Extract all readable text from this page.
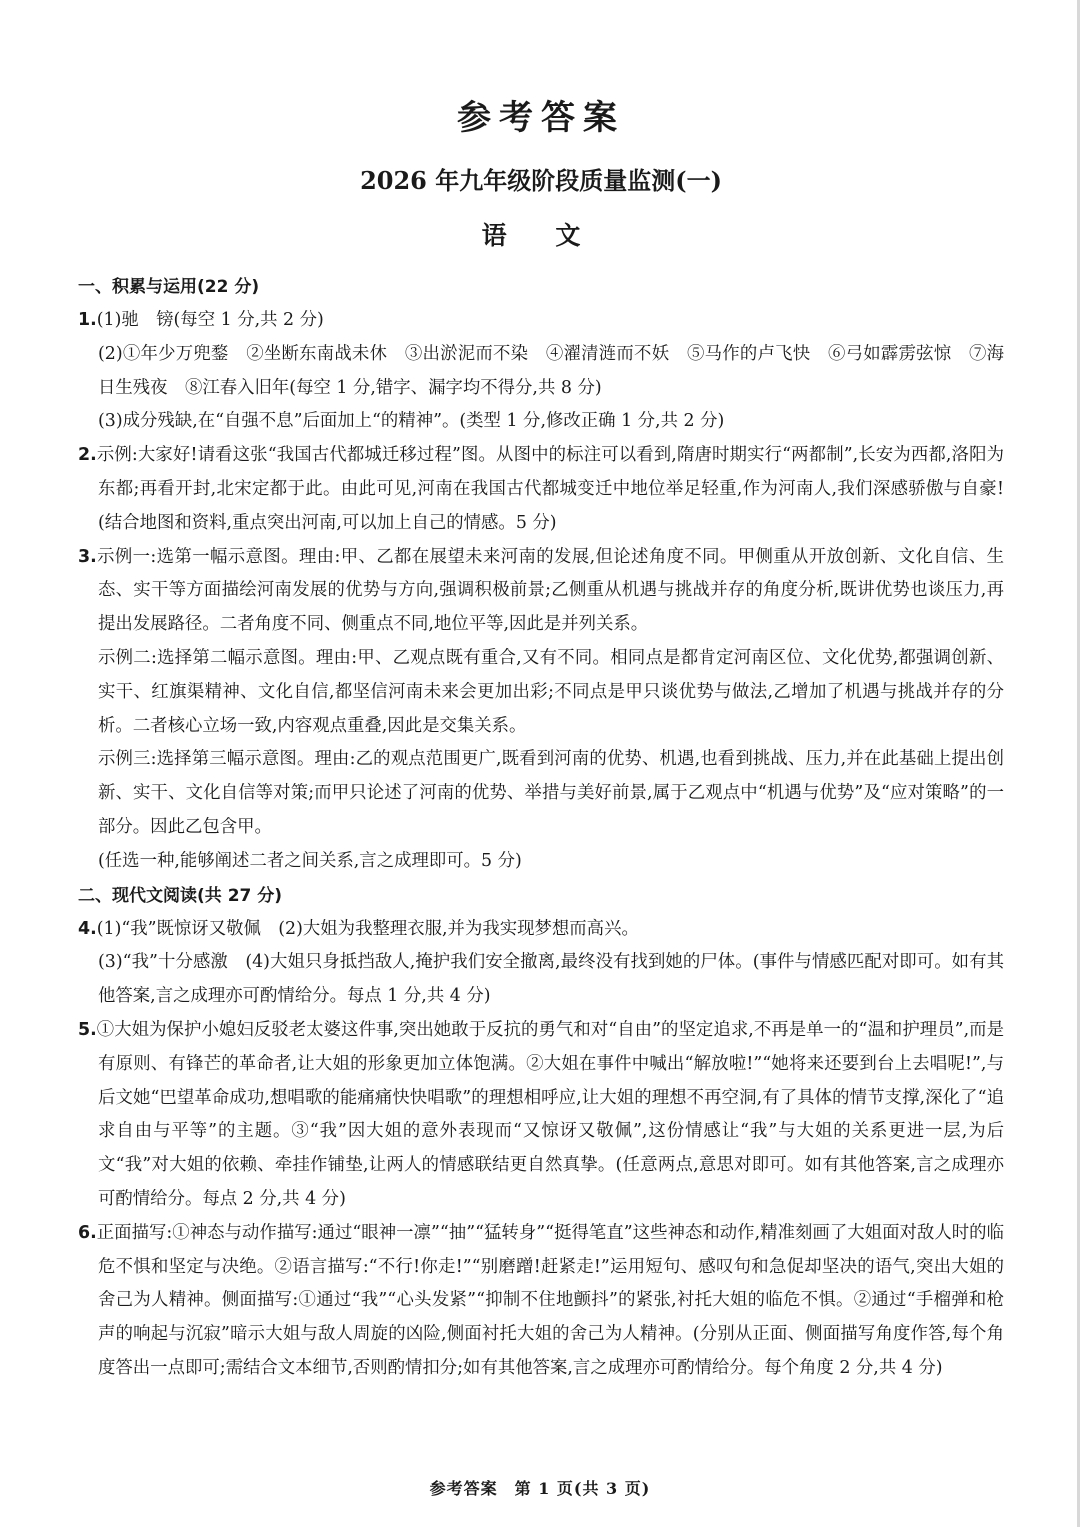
参考答案
2026 年九年级阶段质量监测(一)
语 文
一、积累与运用(22 分)
1.(1)驰　镑(每空 1 分,共 2 分)
(2)①年少万兜鍪　②坐断东南战未休　③出淤泥而不染　④濯清涟而不妖　⑤马作的卢飞快　⑥弓如霹雳弦惊　⑦海日生残夜　⑧江春入旧年(每空 1 分,错字、漏字均不得分,共 8 分)
(3)成分残缺,在“自强不息”后面加上“的精神”。(类型 1 分,修改正确 1 分,共 2 分)
2.示例:大家好!请看这张“我国古代都城迁移过程”图。从图中的标注可以看到,隋唐时期实行“两都制”,长安为西都,洛阳为东都;再看开封,北宋定都于此。由此可见,河南在我国古代都城变迁中地位举足轻重,作为河南人,我们深感骄傲与自豪!(结合地图和资料,重点突出河南,可以加上自己的情感。5 分)
3.示例一:选第一幅示意图。理由:甲、乙都在展望未来河南的发展,但论述角度不同。甲侧重从开放创新、文化自信、生态、实干等方面描绘河南发展的优势与方向,强调积极前景;乙侧重从机遇与挑战并存的角度分析,既讲优势也谈压力,再提出发展路径。二者角度不同、侧重点不同,地位平等,因此是并列关系。
示例二:选择第二幅示意图。理由:甲、乙观点既有重合,又有不同。相同点是都肯定河南区位、文化优势,都强调创新、实干、红旗渠精神、文化自信,都坚信河南未来会更加出彩;不同点是甲只谈优势与做法,乙增加了机遇与挑战并存的分析。二者核心立场一致,内容观点重叠,因此是交集关系。
示例三:选择第三幅示意图。理由:乙的观点范围更广,既看到河南的优势、机遇,也看到挑战、压力,并在此基础上提出创新、实干、文化自信等对策;而甲只论述了河南的优势、举措与美好前景,属于乙观点中“机遇与优势”及“应对策略”的一部分。因此乙包含甲。
(任选一种,能够阐述二者之间关系,言之成理即可。5 分)
二、现代文阅读(共 27 分)
4.(1)“我”既惊讶又敬佩　(2)大姐为我整理衣服,并为我实现梦想而高兴。
(3)“我”十分感激　(4)大姐只身抵挡敌人,掩护我们安全撤离,最终没有找到她的尸体。(事件与情感匹配对即可。如有其他答案,言之成理亦可酌情给分。每点 1 分,共 4 分)
5.①大姐为保护小媳妇反驳老太婆这件事,突出她敢于反抗的勇气和对“自由”的坚定追求,不再是单一的“温和护理员”,而是有原则、有锋芒的革命者,让大姐的形象更加立体饱满。②大姐在事件中喊出“解放啦!”“她将来还要到台上去唱呢!”,与后文她“巴望革命成功,想唱歌的能痛痛快快唱歌”的理想相呼应,让大姐的理想不再空洞,有了具体的情节支撑,深化了“追求自由与平等”的主题。③“我”因大姐的意外表现而“又惊讶又敬佩”,这份情感让“我”与大姐的关系更进一层,为后文“我”对大姐的依赖、牵挂作铺垫,让两人的情感联结更自然真挚。(任意两点,意思对即可。如有其他答案,言之成理亦可酌情给分。每点 2 分,共 4 分)
6.正面描写:①神态与动作描写:通过“眼神一凛”“抽”“猛转身”“挺得笔直”这些神态和动作,精准刻画了大姐面对敌人时的临危不惧和坚定与决绝。②语言描写:“不行!你走!”“别磨蹭!赶紧走!”运用短句、感叹句和急促却坚决的语气,突出大姐的舍己为人精神。侧面描写:①通过“我”“心头发紧”“抑制不住地颤抖”的紧张,衬托大姐的临危不惧。②通过“手榴弹和枪声的响起与沉寂”暗示大姐与敌人周旋的凶险,侧面衬托大姐的舍己为人精神。(分别从正面、侧面描写角度作答,每个角度答出一点即可;需结合文本细节,否则酌情扣分;如有其他答案,言之成理亦可酌情给分。每个角度 2 分,共 4 分)
参考答案　第 1 页(共 3 页)
